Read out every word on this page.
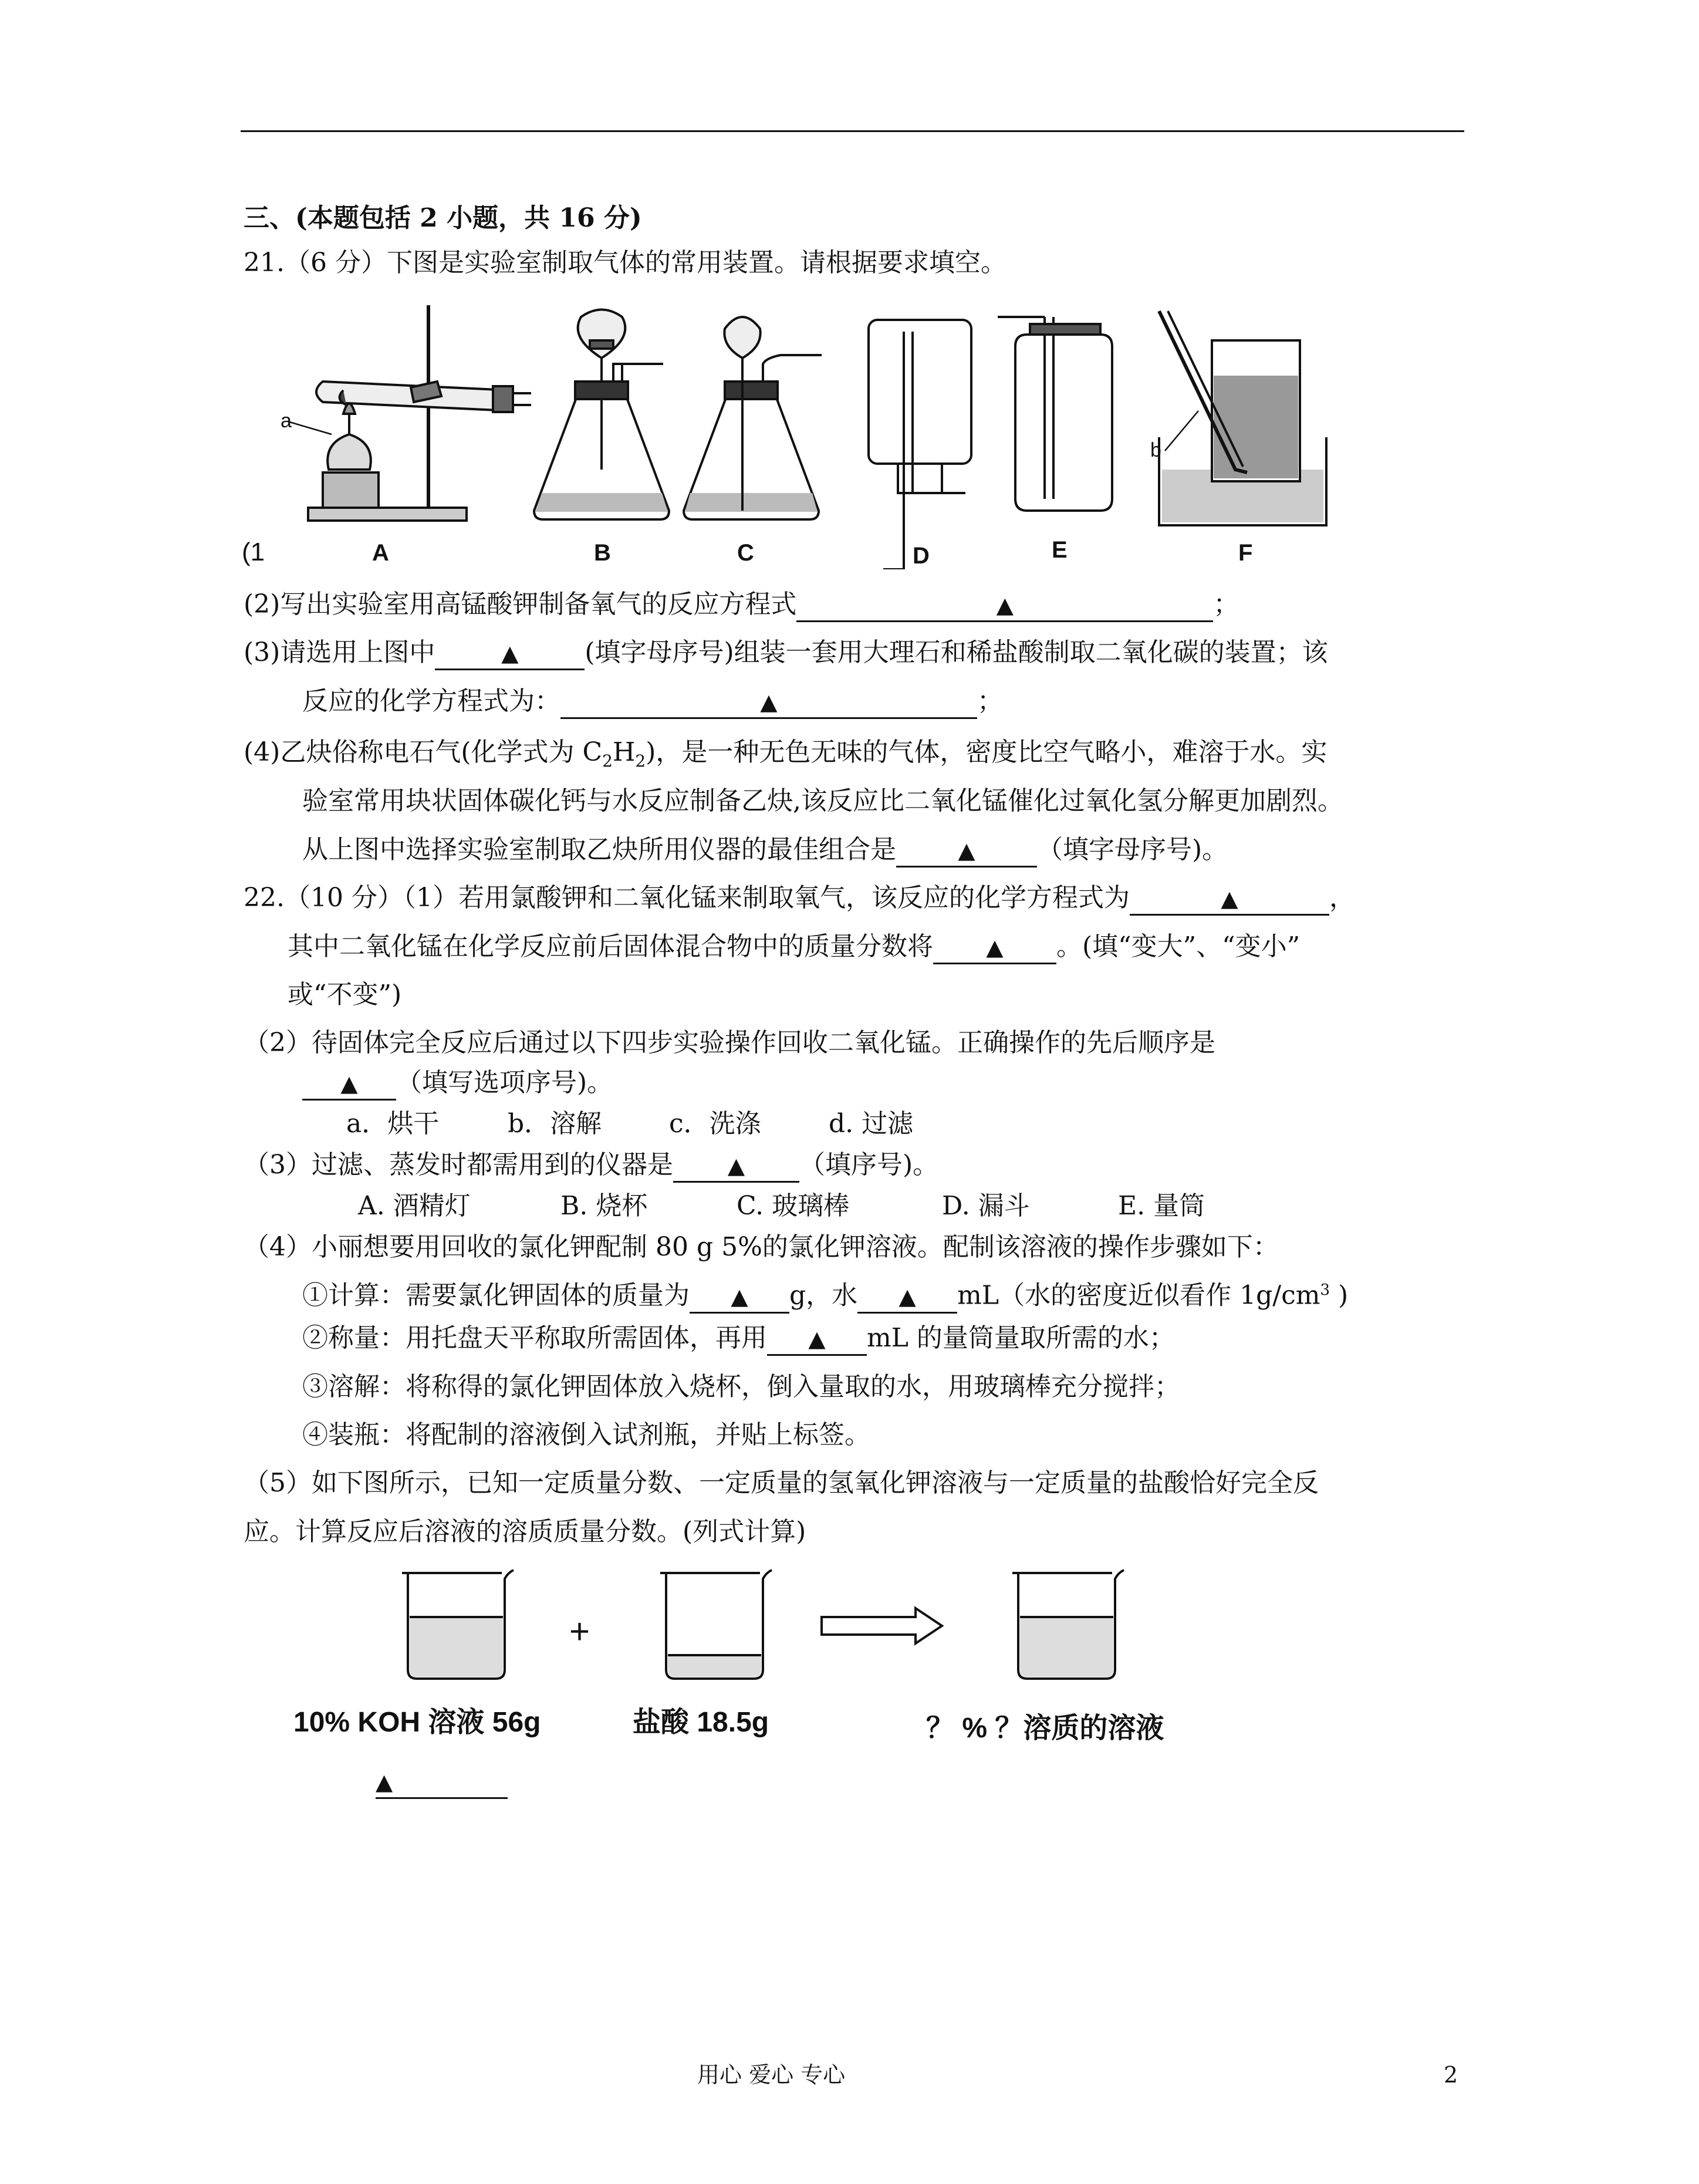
三、(本题包括 2 小题，共 16 分)
21.（6 分）下图是实验室制取气体的常用装置。请根据要求填空。
a
(1
b
A	B	C	D	E	F
(2)写出实验室用高锰酸钾制备氧气的反应方程式	▲	；
(3)请选用上图中	▲	(填字母序号)组装一套用大理石和稀盐酸制取二氧化碳的装置；该
反应的化学方程式为：	▲	；
(4)乙炔俗称电石气(化学式为 $C_2H_2$)，是一种无色无味的气体，密度比空气略小，难溶于水。实
验室常用块状固体碳化钙与水反应制备乙炔,该反应比二氧化锰催化过氧化氢分解更加剧烈。
从上图中选择实验室制取乙炔所用仪器的最佳组合是	▲ （填字母序号)。
22.（10 分）（1）若用氯酸钾和二氧化锰来制取氧气，该反应的化学方程式为	▲	，
其中二氧化锰在化学反应前后固体混合物中的质量分数将 ▲ 。(填“变大”、“变小”
或“不变”)
（2）待固体完全反应后通过以下四步实验操作回收二氧化锰。正确操作的先后顺序是
▲ （填写选项序号)。
a．烘干	b．溶解	c．洗涤	d. 过滤
（3）过滤、蒸发时都需用到的仪器是 ▲ （填序号)。
A. 酒精灯	B. 烧杯	C. 玻璃棒	D. 漏斗	E. 量筒
（4）小丽想要用回收的氯化钾配制 80 g 5%的氯化钾溶液。配制该溶液的操作步骤如下：
①计算：需要氯化钾固体的质量为 ▲ g，水 ▲ mL（水的密度近似看作 $1g/cm^3$ )
②称量：用托盘天平称取所需固体，再用 ▲ mL 的量筒量取所需的水；
③溶解：将称得的氯化钾固体放入烧杯，倒入量取的水，用玻璃棒充分搅拌；
④装瓶：将配制的溶液倒入试剂瓶，并贴上标签。
（5）如下图所示，已知一定质量分数、一定质量的氢氧化钾溶液与一定质量的盐酸恰好完全反
应。计算反应后溶液的溶质质量分数。(列式计算)
+
10% KOH 溶液 56g	盐酸 18.5g	？ % ？溶质的溶液
▲
用心 爱心 专心	2
